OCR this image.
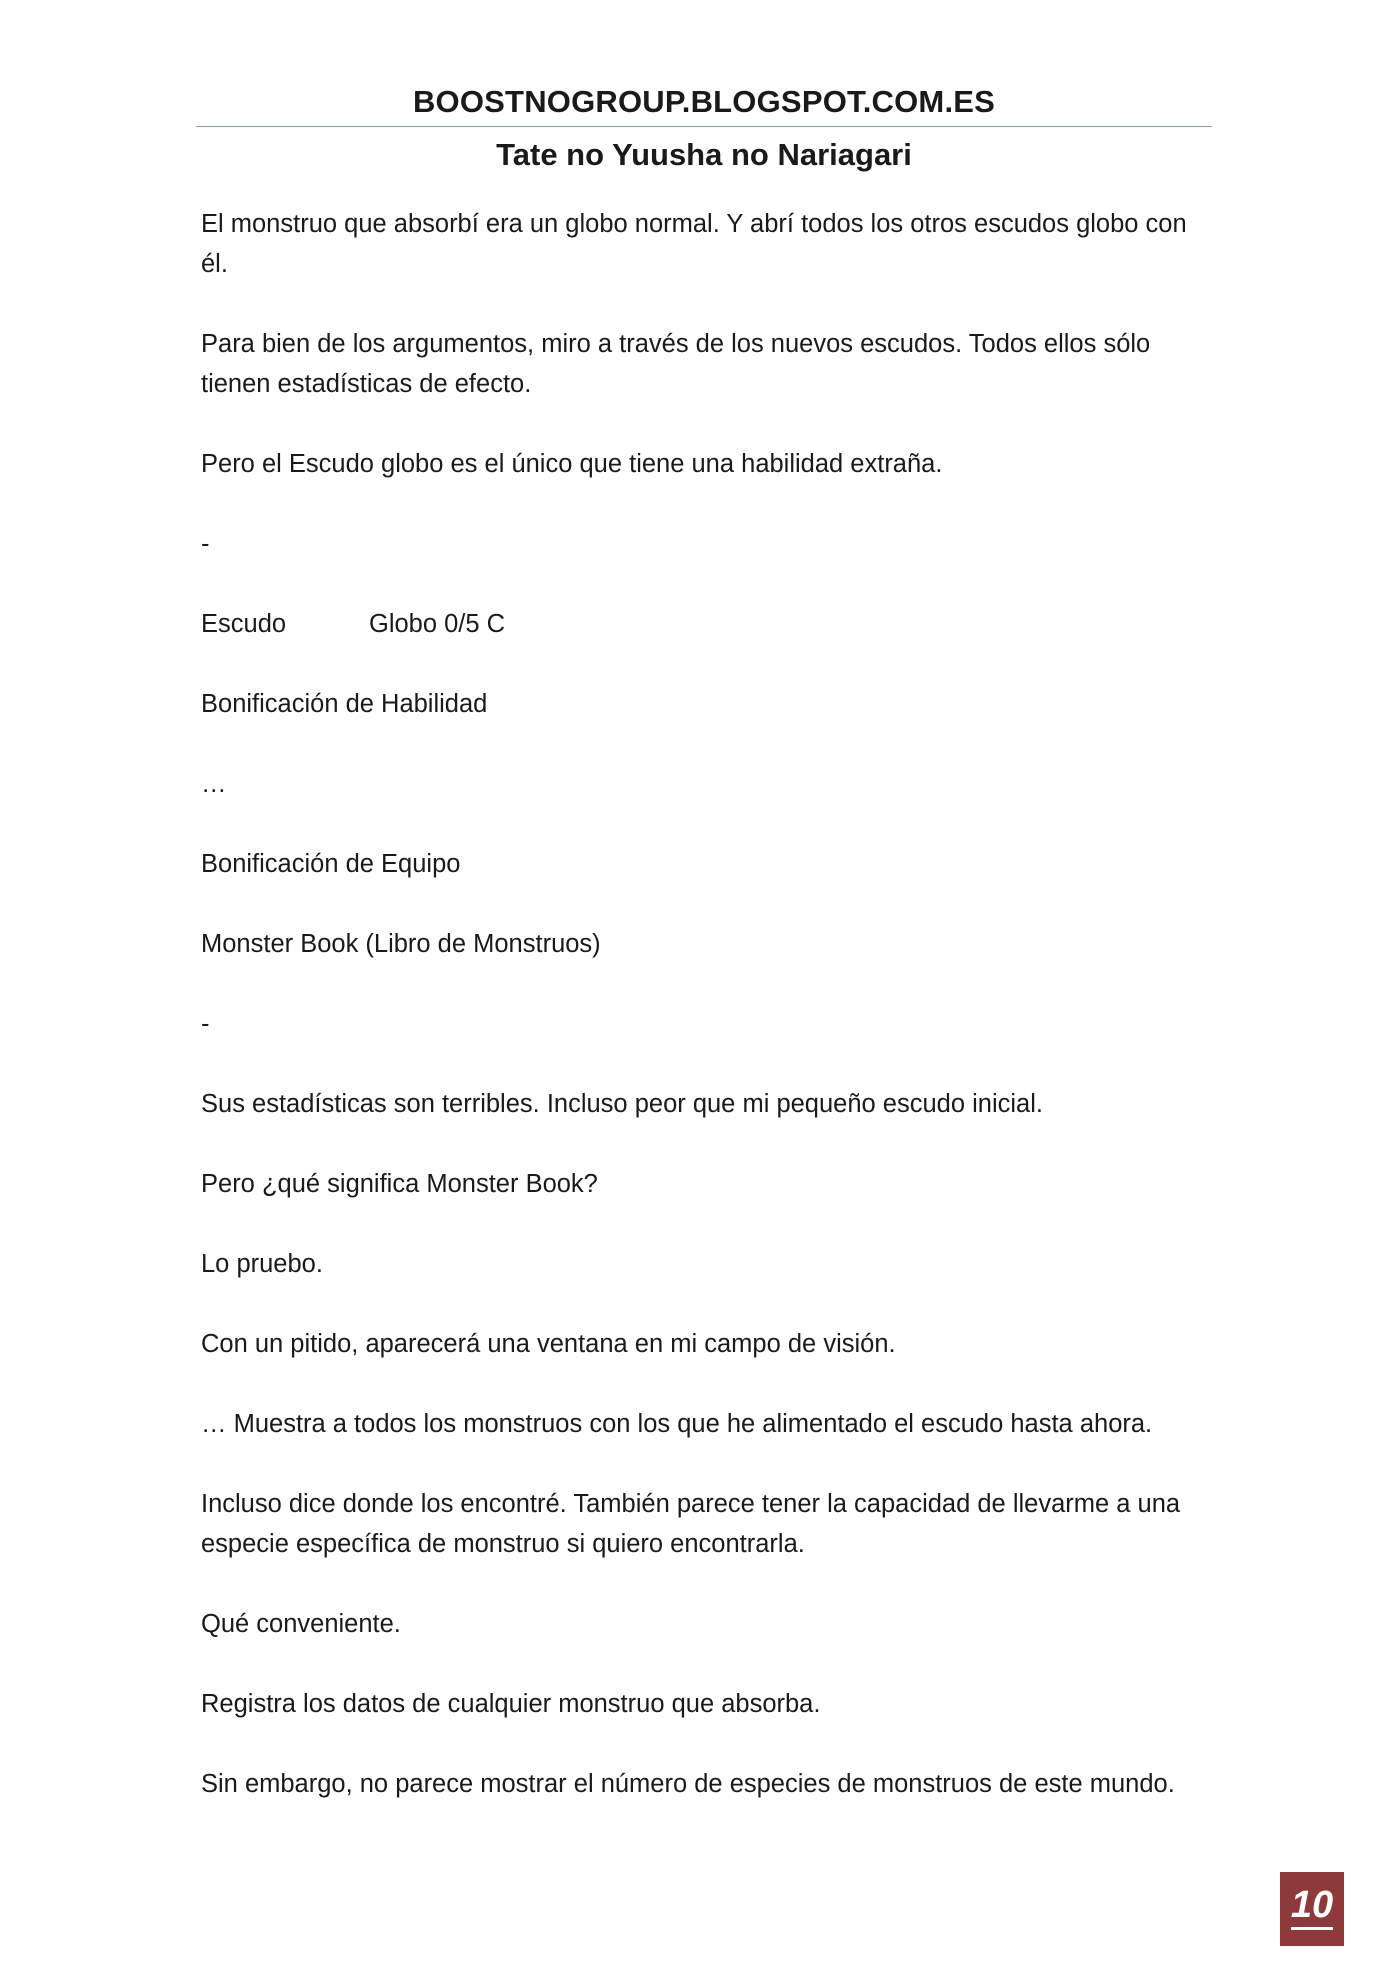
BOOSTNOGROUP.BLOGSPOT.COM.ES
Tate no Yuusha no Nariagari

El monstruo que absorbí era un globo normal. Y abrí todos los otros escudos globo con él.

Para bien de los argumentos, miro a través de los nuevos escudos. Todos ellos sólo tienen estadísticas de efecto.

Pero el Escudo globo es el único que tiene una habilidad extraña.

-

Escudo	Globo 0/5 C

Bonificación de Habilidad

…

Bonificación de Equipo

Monster Book (Libro de Monstruos)

-

Sus estadísticas son terribles. Incluso peor que mi pequeño escudo inicial.

Pero ¿qué significa Monster Book?

Lo pruebo.

Con un pitido, aparecerá una ventana en mi campo de visión.

… Muestra a todos los monstruos con los que he alimentado el escudo hasta ahora.

Incluso dice donde los encontré. También parece tener la capacidad de llevarme a una especie específica de monstruo si quiero encontrarla.

Qué conveniente.

Registra los datos de cualquier monstruo que absorba.

Sin embargo, no parece mostrar el número de especies de monstruos de este mundo.

10
